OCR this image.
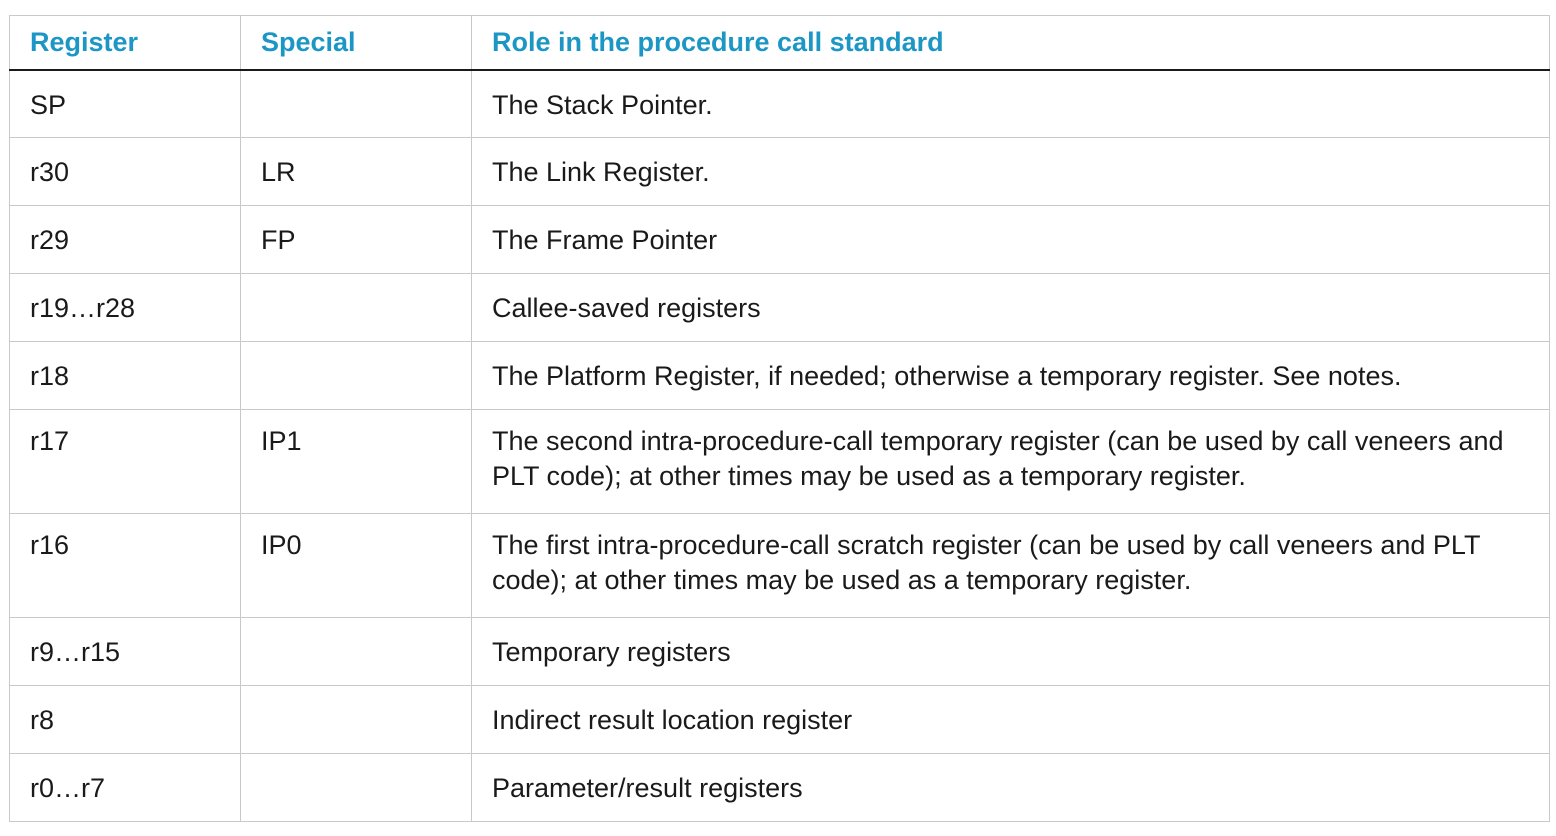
Register	Special	Role in the procedure call standard
SP		The Stack Pointer.
r30	LR	The Link Register.
r29	FP	The Frame Pointer
r19…r28		Callee-saved registers
r18		The Platform Register, if needed; otherwise a temporary register. See notes.
r17	IP1	The second intra-procedure-call temporary register (can be used by call veneers and PLT code); at other times may be used as a temporary register.
r16	IP0	The first intra-procedure-call scratch register (can be used by call veneers and PLT code); at other times may be used as a temporary register.
r9…r15		Temporary registers
r8		Indirect result location register
r0…r7		Parameter/result registers
